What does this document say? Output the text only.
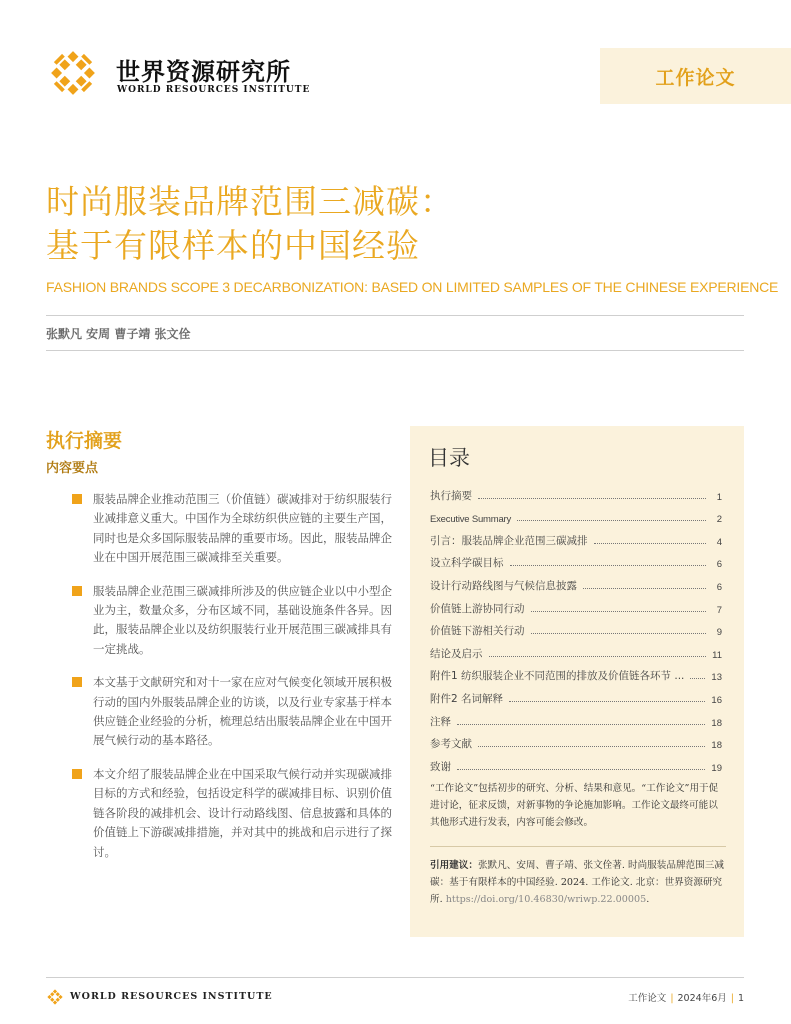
世界资源研究所
WORLD RESOURCES INSTITUTE
工作论文
时尚服装品牌范围三减碳：
基于有限样本的中国经验
FASHION BRANDS SCOPE 3 DECARBONIZATION: BASED ON LIMITED SAMPLES OF THE CHINESE EXPERIENCE
张默凡 安周 曹子靖 张文佺
执行摘要
内容要点
服装品牌企业推动范围三（价值链）碳减排对于纺织服装行业减排意义重大。中国作为全球纺织供应链的主要生产国，同时也是众多国际服装品牌的重要市场。因此，服装品牌企业在中国开展范围三碳减排至关重要。
服装品牌企业范围三碳减排所涉及的供应链企业以中小型企业为主，数量众多，分布区域不同，基础设施条件各异。因此，服装品牌企业以及纺织服装行业开展范围三碳减排具有一定挑战。
本文基于文献研究和对十一家在应对气候变化领域开展积极行动的国内外服装品牌企业的访谈，以及行业专家基于样本供应链企业经验的分析，梳理总结出服装品牌企业在中国开展气候行动的基本路径。
本文介绍了服装品牌企业在中国采取气候行动并实现碳减排目标的方式和经验，包括设定科学的碳减排目标、识别价值链各阶段的减排机会、设计行动路线图、信息披露和具体的价值链上下游碳减排措施，并对其中的挑战和启示进行了探讨。
目录
执行摘要	1
Executive Summary	2
引言：服装品牌企业范围三碳减排	4
设立科学碳目标	6
设计行动路线图与气候信息披露	6
价值链上游协同行动	7
价值链下游相关行动	9
结论及启示	11
附件1 纺织服装企业不同范围的排放及价值链各环节 ...	13
附件2 名词解释	16
注释	18
参考文献	18
致谢	19
“工作论文”包括初步的研究、分析、结果和意见。“工作论文”用于促进讨论，征求反馈，对新事物的争论施加影响。工作论文最终可能以其他形式进行发表，内容可能会修改。
引用建议：张默凡、安周、曹子靖、张文佺著. 时尚服装品牌范围三减碳：基于有限样本的中国经验. 2024. 工作论文. 北京：世界资源研究所. https://doi.org/10.46830/wriwp.22.00005.
WORLD RESOURCES INSTITUTE	工作论文 | 2024年6月 | 1
